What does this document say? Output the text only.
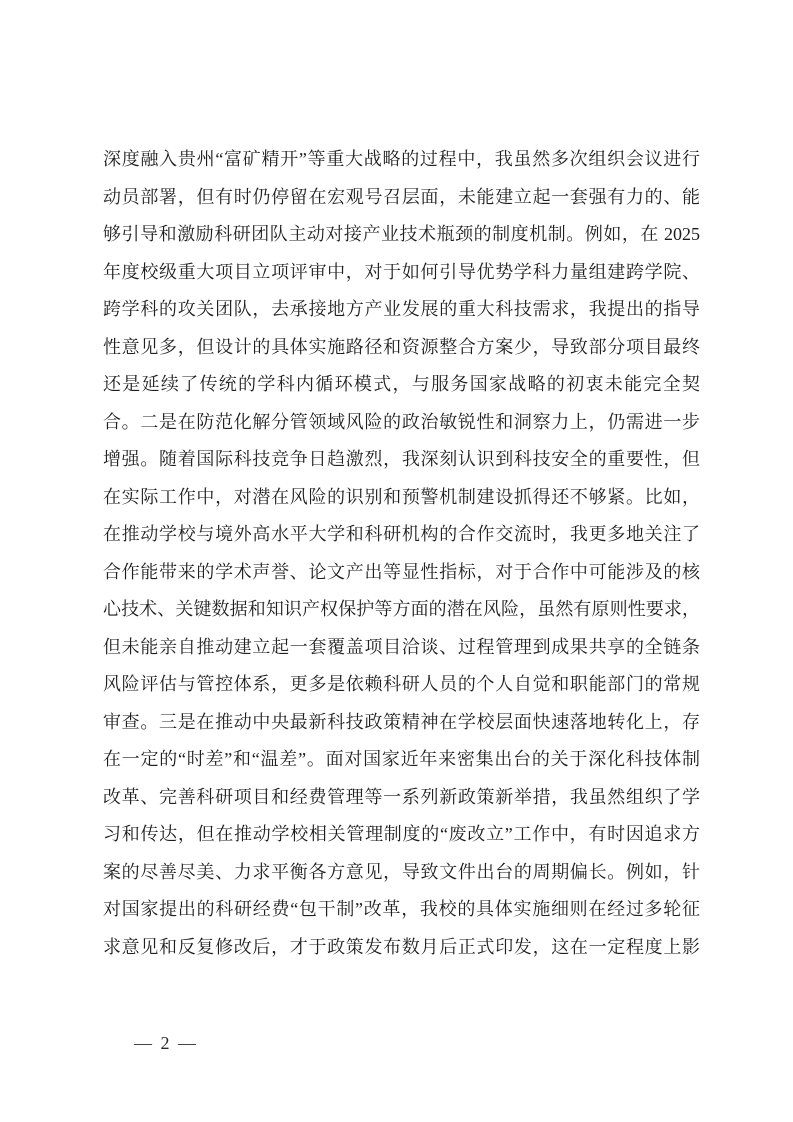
深度融入贵州“富矿精开”等重大战略的过程中，我虽然多次组织会议进行
动员部署，但有时仍停留在宏观号召层面，未能建立起一套强有力的、能
够引导和激励科研团队主动对接产业技术瓶颈的制度机制。例如，在 2025
年度校级重大项目立项评审中，对于如何引导优势学科力量组建跨学院、
跨学科的攻关团队，去承接地方产业发展的重大科技需求，我提出的指导
性意见多，但设计的具体实施路径和资源整合方案少，导致部分项目最终
还是延续了传统的学科内循环模式，与服务国家战略的初衷未能完全契
合。二是在防范化解分管领域风险的政治敏锐性和洞察力上，仍需进一步
增强。随着国际科技竞争日趋激烈，我深刻认识到科技安全的重要性，但
在实际工作中，对潜在风险的识别和预警机制建设抓得还不够紧。比如，
在推动学校与境外高水平大学和科研机构的合作交流时，我更多地关注了
合作能带来的学术声誉、论文产出等显性指标，对于合作中可能涉及的核
心技术、关键数据和知识产权保护等方面的潜在风险，虽然有原则性要求，
但未能亲自推动建立起一套覆盖项目洽谈、过程管理到成果共享的全链条
风险评估与管控体系，更多是依赖科研人员的个人自觉和职能部门的常规
审查。三是在推动中央最新科技政策精神在学校层面快速落地转化上，存
在一定的“时差”和“温差”。面对国家近年来密集出台的关于深化科技体制
改革、完善科研项目和经费管理等一系列新政策新举措，我虽然组织了学
习和传达，但在推动学校相关管理制度的“废改立”工作中，有时因追求方
案的尽善尽美、力求平衡各方意见，导致文件出台的周期偏长。例如，针
对国家提出的科研经费“包干制”改革，我校的具体实施细则在经过多轮征
求意见和反复修改后，才于政策发布数月后正式印发，这在一定程度上影
— 2 —
